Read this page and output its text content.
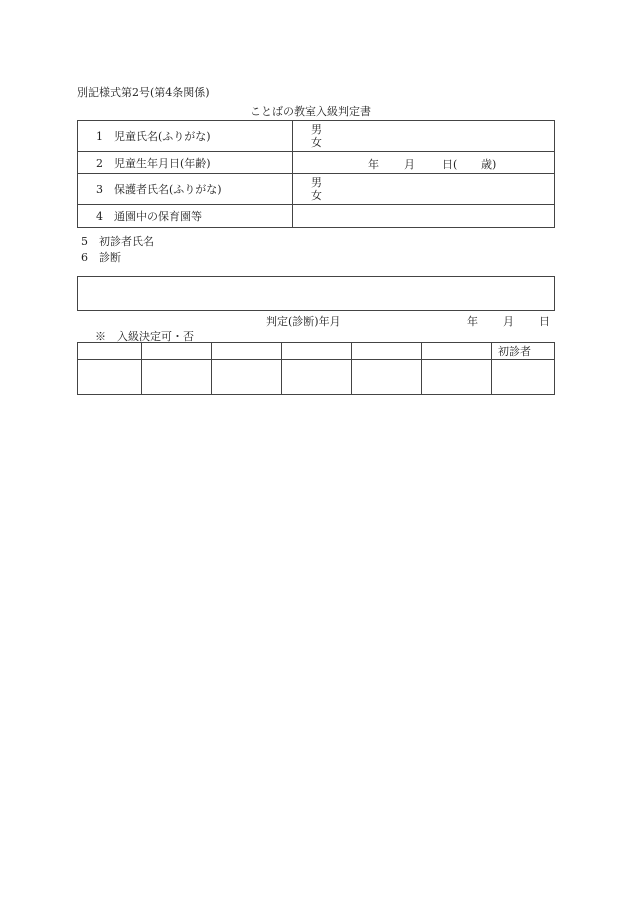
別記様式第2号(第4条関係)
ことばの教室入級判定書
1　児童氏名(ふりがな)	男
女

2　児童生年月日(年齢)	年 月 日( 歳)

3　保護者氏名(ふりがな)	男
女

4　通園中の保育園等	
5　初診者氏名
6　診断
判定(診断)年月	年 月 日
※　入級決定可・否
						初診者
